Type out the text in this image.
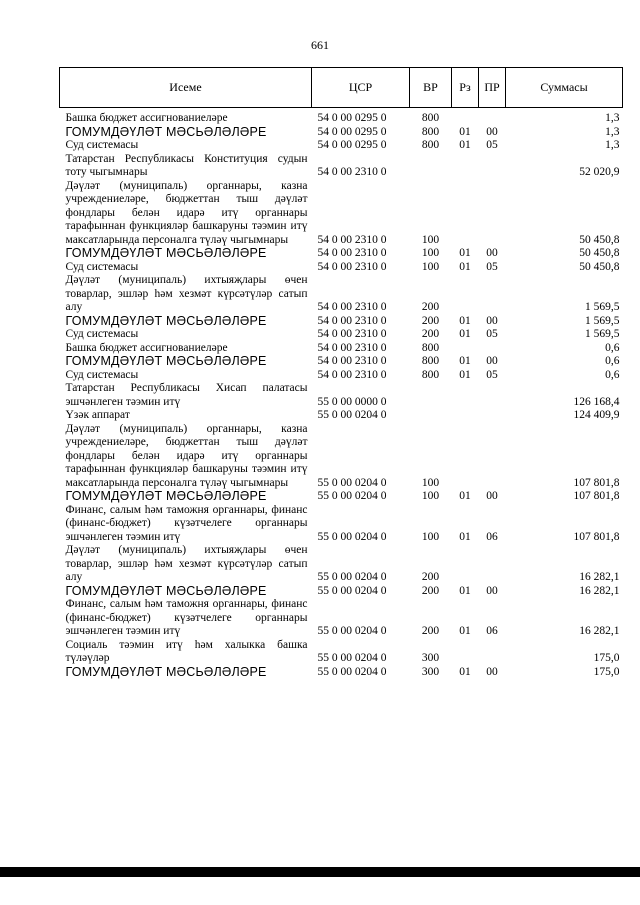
661
Исеме	ЦСР	ВР	Рз	ПР	Суммасы

Башка бюджет ассигнованиеләре	54 0 00 0295 0	800			1,3
ГОМУМДӘҮЛӘТ МӘСЬӘЛӘЛӘРЕ	54 0 00 0295 0	800	01	00	1,3
Суд системасы	54 0 00 0295 0	800	01	05	1,3
Татарстан Республикасы Конституция судын тоту чыгымнары	54 0 00 2310 0				52 020,9
Дәүләт (муниципаль) органнары, казна учреждениеләре, бюджеттан тыш дәүләт фондлары белән идарә итү органнары тарафыннан функцияләр башкаруны тәэмин итү максатларында персоналга түләү чыгымнары	54 0 00 2310 0	100			50 450,8
ГОМУМДӘҮЛӘТ МӘСЬӘЛӘЛӘРЕ	54 0 00 2310 0	100	01	00	50 450,8
Суд системасы	54 0 00 2310 0	100	01	05	50 450,8
Дәүләт (муниципаль) ихтыяҗлары өчен товарлар, эшләр һәм хезмәт күрсәтүләр сатып алу	54 0 00 2310 0	200			1 569,5
ГОМУМДӘҮЛӘТ МӘСЬӘЛӘЛӘРЕ	54 0 00 2310 0	200	01	00	1 569,5
Суд системасы	54 0 00 2310 0	200	01	05	1 569,5
Башка бюджет ассигнованиеләре	54 0 00 2310 0	800			0,6
ГОМУМДӘҮЛӘТ МӘСЬӘЛӘЛӘРЕ	54 0 00 2310 0	800	01	00	0,6
Суд системасы	54 0 00 2310 0	800	01	05	0,6
Татарстан Республикасы Хисап палатасы эшчәнлеген тәэмин итү	55 0 00 0000 0				126 168,4
Үзәк аппарат	55 0 00 0204 0				124 409,9
Дәүләт (муниципаль) органнары, казна учреждениеләре, бюджеттан тыш дәүләт фондлары белән идарә итү органнары тарафыннан функцияләр башкаруны тәэмин итү максатларында персоналга түләү чыгымнары	55 0 00 0204 0	100			107 801,8
ГОМУМДӘҮЛӘТ МӘСЬӘЛӘЛӘРЕ	55 0 00 0204 0	100	01	00	107 801,8
Финанс, салым һәм таможня органнары, финанс (финанс-бюджет) күзәтчелеге органнары эшчәнлеген тәэмин итү	55 0 00 0204 0	100	01	06	107 801,8
Дәүләт (муниципаль) ихтыяҗлары өчен товарлар, эшләр һәм хезмәт күрсәтүләр сатып алу	55 0 00 0204 0	200			16 282,1
ГОМУМДӘҮЛӘТ МӘСЬӘЛӘЛӘРЕ	55 0 00 0204 0	200	01	00	16 282,1
Финанс, салым һәм таможня органнары, финанс (финанс-бюджет) күзәтчелеге органнары эшчәнлеген тәэмин итү	55 0 00 0204 0	200	01	06	16 282,1
Социаль тәэмин итү һәм халыкка башка түләүләр	55 0 00 0204 0	300			175,0
ГОМУМДӘҮЛӘТ МӘСЬӘЛӘЛӘРЕ	55 0 00 0204 0	300	01	00	175,0
